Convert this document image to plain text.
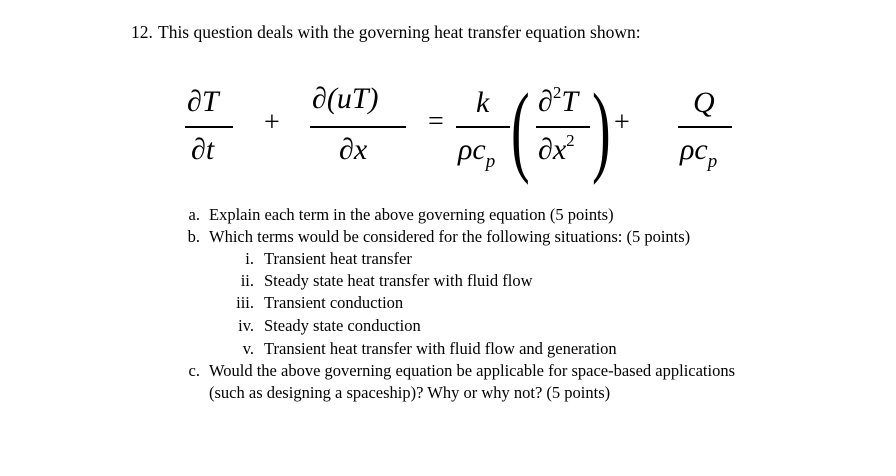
12. This question deals with the governing heat transfer equation shown:
∂T
∂t
+
∂(uT)
∂x
=
k
$\rho c_p$ ( )
∂$^2$T
$\partial x^2$
+
Q
$\rho c_p$
a. Explain each term in the above governing equation (5 points)
b. Which terms would be considered for the following situations: (5 points)
i. Transient heat transfer
ii. Steady state heat transfer with fluid flow
iii. Transient conduction
iv. Steady state conduction
v. Transient heat transfer with fluid flow and generation
c. Would the above governing equation be applicable for space-based applications
(such as designing a spaceship)? Why or why not? (5 points)
